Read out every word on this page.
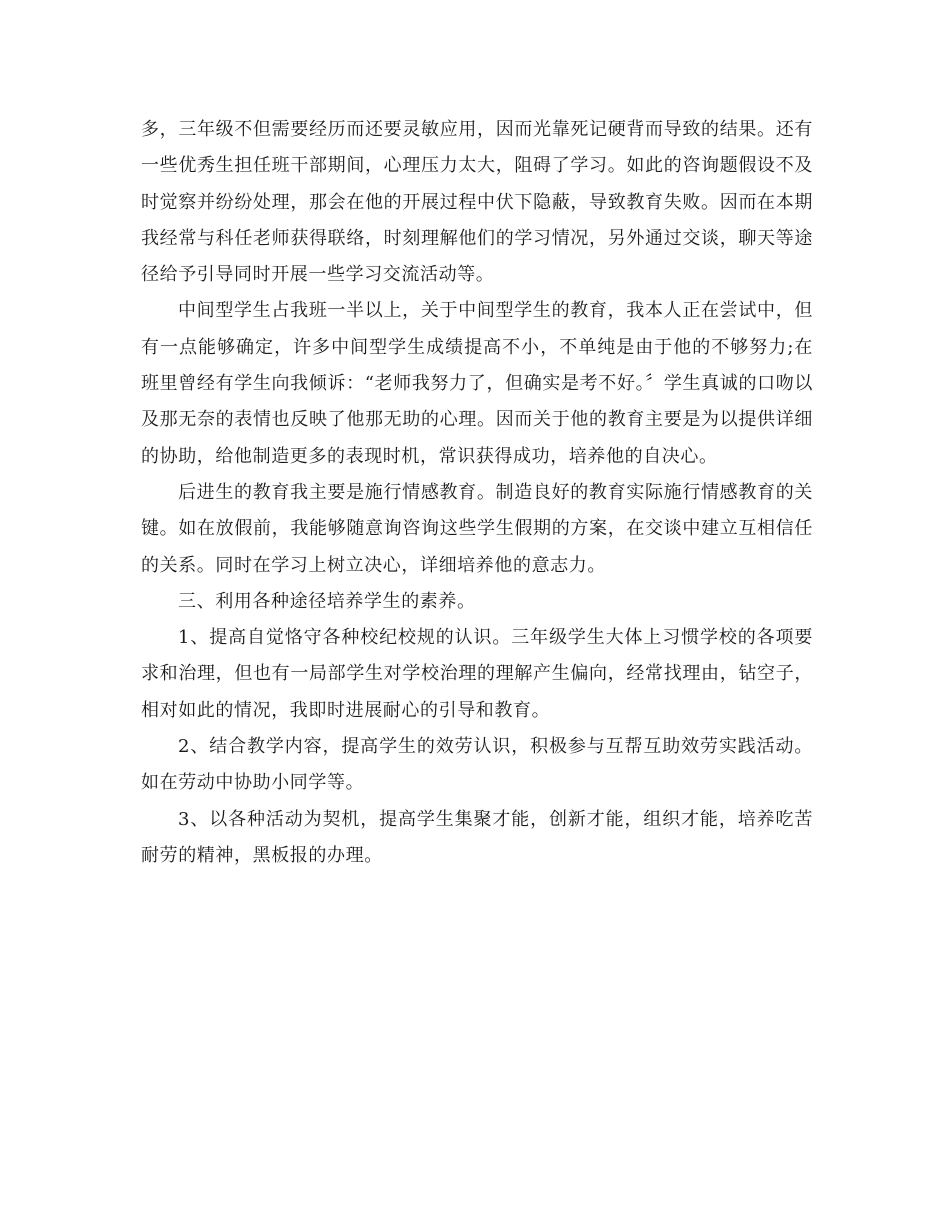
多，三年级不但需要经历而还要灵敏应用，因而光靠死记硬背而导致的结果。还有一些优秀生担任班干部期间，心理压力太大，阻碍了学习。如此的咨询题假设不及时觉察并纷纷处理，那会在他的开展过程中伏下隐蔽，导致教育失败。因而在本期我经常与科任老师获得联络，时刻理解他们的学习情况，另外通过交谈，聊天等途径给予引导同时开展一些学习交流活动等。

中间型学生占我班一半以上，关于中间型学生的教育，我本人正在尝试中，但有一点能够确定，许多中间型学生成绩提高不小，不单纯是由于他的不够努力;在班里曾经有学生向我倾诉：“老师我努力了，但确实是考不好。〞学生真诚的口吻以及那无奈的表情也反映了他那无助的心理。因而关于他的教育主要是为以提供详细的协助，给他制造更多的表现时机，常识获得成功，培养他的自决心。

后进生的教育我主要是施行情感教育。制造良好的教育实际施行情感教育的关键。如在放假前，我能够随意询咨询这些学生假期的方案，在交谈中建立互相信任的关系。同时在学习上树立决心，详细培养他的意志力。

三、利用各种途径培养学生的素养。

1、提高自觉恪守各种校纪校规的认识。三年级学生大体上习惯学校的各项要求和治理，但也有一局部学生对学校治理的理解产生偏向，经常找理由，钻空子，相对如此的情况，我即时进展耐心的引导和教育。

2、结合教学内容，提高学生的效劳认识，积极参与互帮互助效劳实践活动。如在劳动中协助小同学等。

3、以各种活动为契机，提高学生集聚才能，创新才能，组织才能，培养吃苦耐劳的精神，黑板报的办理。
